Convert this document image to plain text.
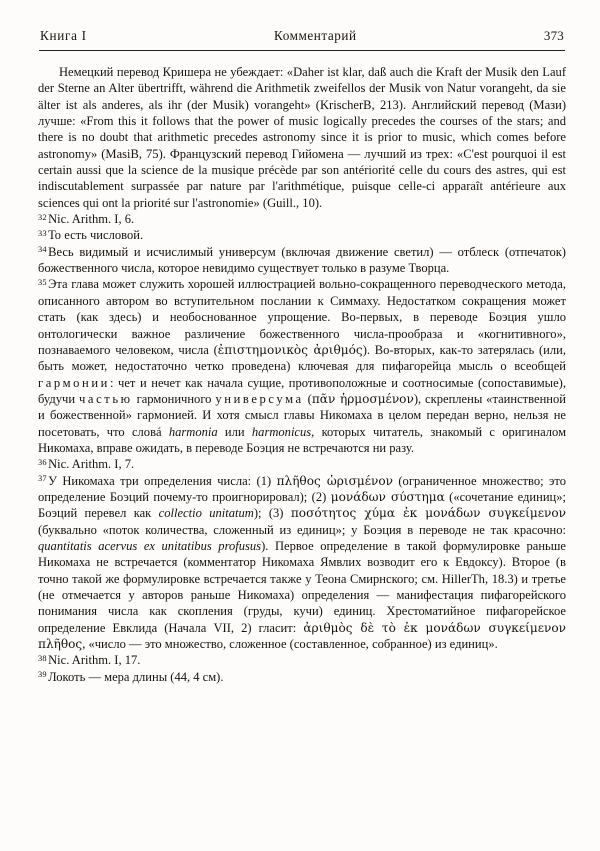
Книга I	Комментарий	373

Немецкий перевод Кришера не убеждает: «Daher ist klar, daß auch die Kraft der Musik den Lauf der Sterne an Alter übertrifft, während die Arithmetik zweifellos der Musik von Natur vorangeht, da sie älter ist als anderes, als ihr (der Musik) vorangeht» (KrischerB, 213). Английский перевод (Мази) лучше: «From this it follows that the power of music logically precedes the courses of the stars; and there is no doubt that arithmetic precedes astronomy since it is prior to music, which comes before astronomy» (MasiB, 75). Французский перевод Гийомена — лучший из трех: «C'est pourquoi il est certain aussi que la science de la musique précède par son antériorité celle du cours des astres, qui est indiscutablement surpassée par nature par l'arithmétique, puisque celle-ci apparaît antérieure aux sciences qui ont la priorité sur l'astronomie» (Guill., 10).

$^{32}$Nic. Arithm. I, 6.

$^{33}$То есть числовой.

$^{34}$Весь видимый и исчислимый универсум (включая движение светил) — отблеск (отпечаток) божественного числа, которое невидимо существует только в разуме Творца.

$^{35}$Эта глава может служить хорошей иллюстрацией вольно-сокращенного переводческого метода, описанного автором во вступительном послании к Симмаху. Недостатком сокращения может стать (как здесь) и необоснованное упрощение. Во-первых, в переводе Боэция ушло онтологически важное различение божественного числа-прообраза и «когнитивного», познаваемого человеком, числа (ἐπιστημονικὸς ἀριθμός). Во-вторых, как-то затерялась (или, быть может, недостаточно четко проведена) ключевая для пифагорейца мысль о всеобщей гармонии: чет и нечет как начала сущие, противоположные и соотносимые (сопоставимые), будучи частью гармоничного универсума (πᾶν ἡρμοσμένον), скреплены «таинственной и божественной» гармонией. И хотя смысл главы Никомаха в целом передан верно, нельзя не посетовать, что словá harmonia или harmonicus, которых читатель, знакомый с оригиналом Никомаха, вправе ожидать, в переводе Боэция не встречаются ни разу.

$^{36}$Nic. Arithm. I, 7.

$^{37}$У Никомаха три определения числа: (1) πλῆθος ὡρισμένον (ограниченное множество; это определение Боэций почему-то проигнорировал); (2) μονάδων σύστημα («сочетание единиц»; Боэций перевел как collectio unitatum); (3) ποσότητος χύμα ἐκ μονάδων συγκείμενον (буквально «поток количества, сложенный из единиц»; у Боэция в переводе не так красочно: quantitatis acervus ex unitatibus profusus). Первое определение в такой формулировке раньше Никомаха не встречается (комментатор Никомаха Ямвлих возводит его к Евдоксу). Второе (в точно такой же формулировке встречается также у Теона Смирнского; см. HillerTh, 18.3) и третье (не отмечается у авторов раньше Никомаха) определения — манифестация пифагорейского понимания числа как скопления (груды, кучи) единиц. Хрестоматийное пифагорейское определение Евклида (Начала VII, 2) гласит: ἀριθμὸς δὲ τὸ ἐκ μονάδων συγκείμενον πλῆθος, «число — это множество, сложенное (составленное, собранное) из единиц».

$^{38}$Nic. Arithm. I, 17.

$^{39}$Локоть — мера длины (44, 4 см).
